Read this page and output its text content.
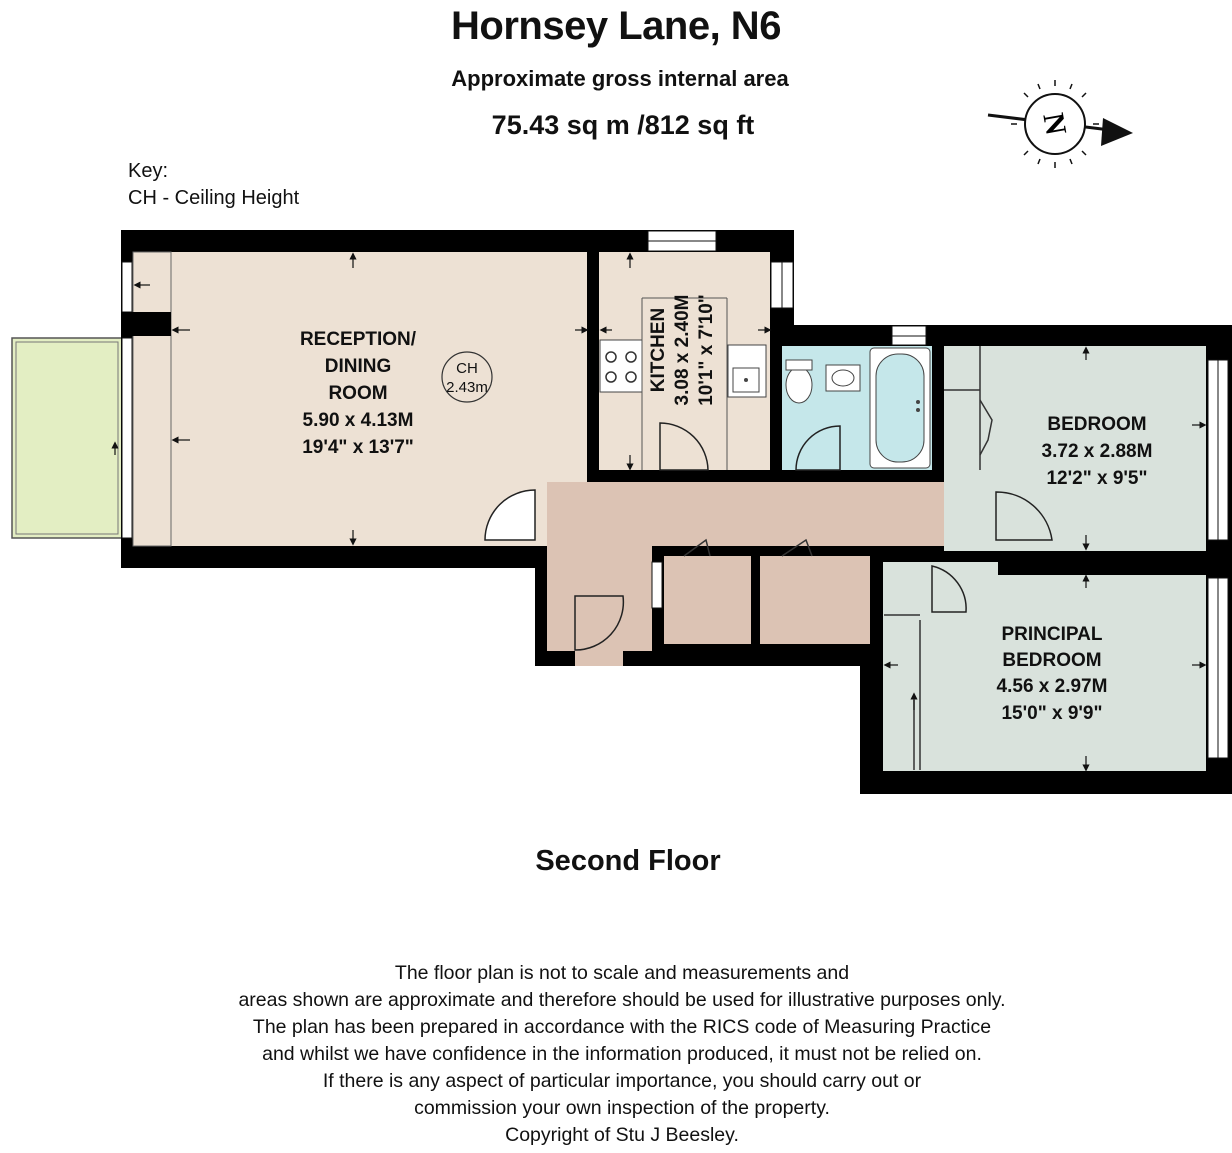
Hornsey Lane, N6
Approximate gross internal area
75.43 sq m /812 sq ft
Key:
CH - Ceiling Height
N
CH
2.43m
RECEPTION/
DINING
ROOM
5.90 x 4.13M
19'4" x 13'7"
KITCHEN 3.08 x 2.40M 10'1" x 7'10"
BEDROOM
3.72 x 2.88M
12'2" x 9'5"
PRINCIPAL
BEDROOM
4.56 x 2.97M
15'0" x 9'9"
Second Floor
The floor plan is not to scale and measurements and
areas shown are approximate and therefore should be used for illustrative purposes only.
The plan has been prepared in accordance with the RICS code of Measuring Practice
and whilst we have confidence in the information produced, it must not be relied on.
If there is any aspect of particular importance, you should carry out or
commission your own inspection of the property.
Copyright of Stu J Beesley.
